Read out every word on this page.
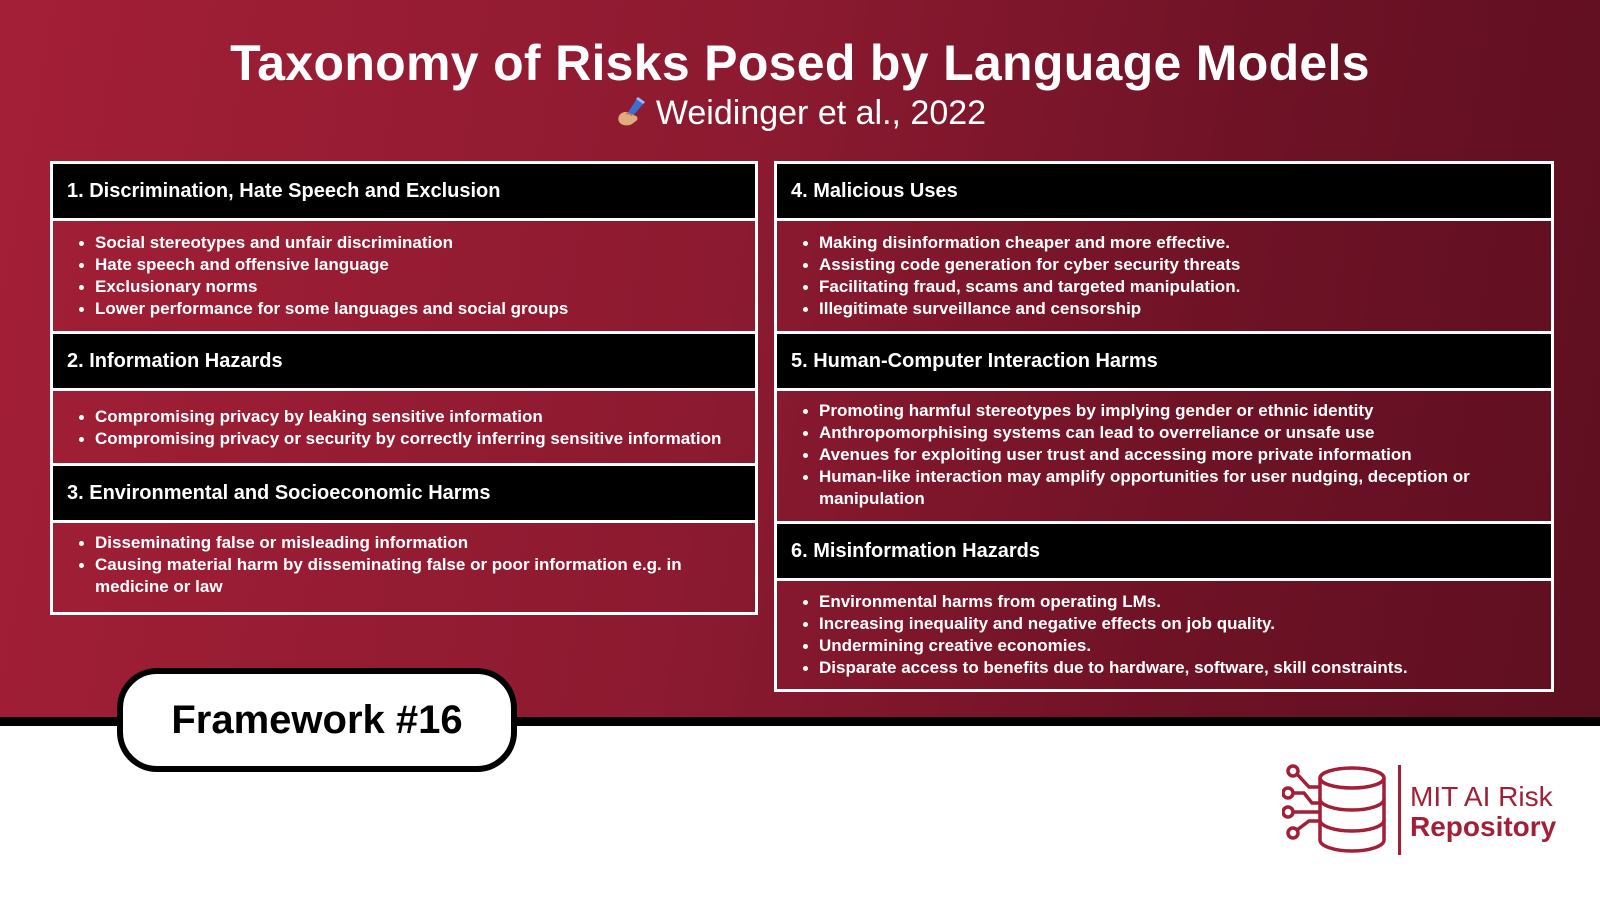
Taxonomy of Risks Posed by Language Models
Weidinger et al., 2022
1. Discrimination, Hate Speech and Exclusion
Social stereotypes and unfair discrimination
Hate speech and offensive language
Exclusionary norms
Lower performance for some languages and social groups
2. Information Hazards
Compromising privacy by leaking sensitive information
Compromising privacy or security by correctly inferring sensitive information
3. Environmental and Socioeconomic Harms
Disseminating false or misleading information
Causing material harm by disseminating false or poor information e.g. in medicine or law
4. Malicious Uses
Making disinformation cheaper and more effective.
Assisting code generation for cyber security threats
Facilitating fraud, scams and targeted manipulation.
Illegitimate surveillance and censorship
5. Human-Computer Interaction Harms
Promoting harmful stereotypes by implying gender or ethnic identity
Anthropomorphising systems can lead to overreliance or unsafe use
Avenues for exploiting user trust and accessing more private information
Human-like interaction may amplify opportunities for user nudging, deception or manipulation
6. Misinformation Hazards
Environmental harms from operating LMs.
Increasing inequality and negative effects on job quality.
Undermining creative economies.
Disparate access to benefits due to hardware, software, skill constraints.
Framework #16
MIT AI Risk
Repository
